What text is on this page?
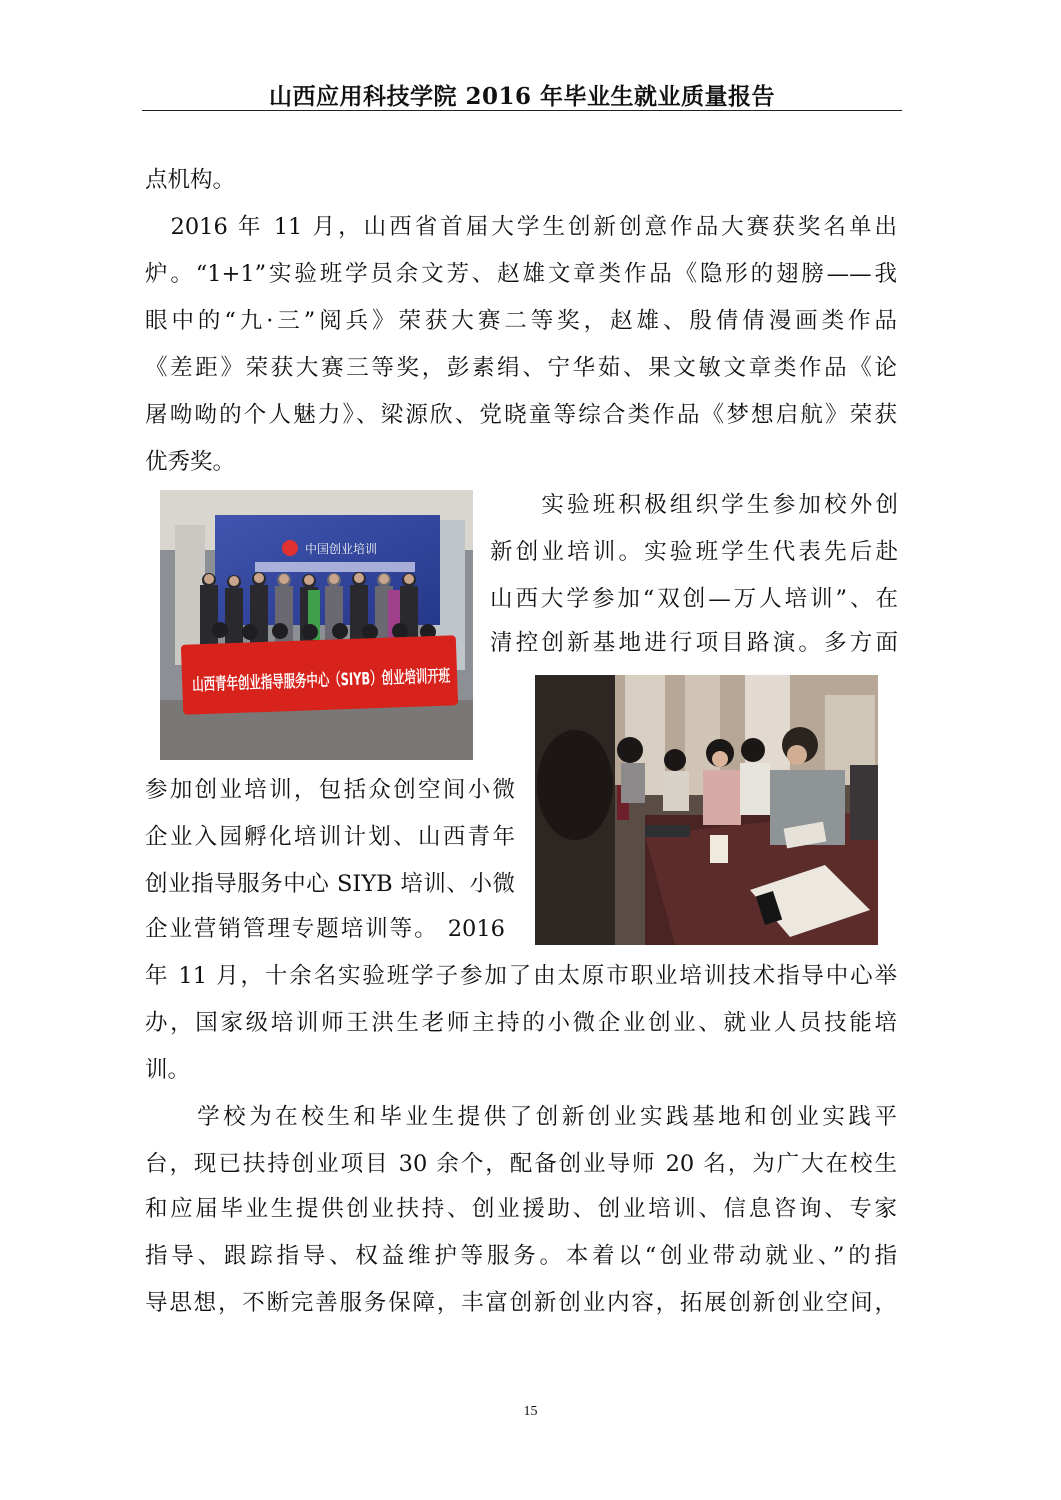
山西应用科技学院 2016 年毕业生就业质量报告
点机构。
　2016 年 11 月，山西省首届大学生创新创意作品大赛获奖名单出
炉。“1+1”实验班学员余文芳、赵雄文章类作品《隐形的翅膀——我
眼中的“九·三”阅兵》荣获大赛二等奖，赵雄、殷倩倩漫画类作品
《差距》荣获大赛三等奖，彭素绢、宁华茹、果文敏文章类作品《论
屠呦呦的个人魅力》、梁源欣、党晓童等综合类作品《梦想启航》荣获
优秀奖。
中国创业培训
山西青年创业指导服务中心（SIYB）创业培训开班
　　实验班积极组织学生参加校外创
新创业培训。实验班学生代表先后赴
山西大学参加“双创—万人培训”、在
清控创新基地进行项目路演。多方面
参加创业培训，包括众创空间小微
企业入园孵化培训计划、山西青年
创业指导服务中心 SIYB 培训、小微
企业营销管理专题培训等。 2016
年 11 月，十余名实验班学子参加了由太原市职业培训技术指导中心举
办，国家级培训师王洪生老师主持的小微企业创业、就业人员技能培
训。
　　学校为在校生和毕业生提供了创新创业实践基地和创业实践平
台，现已扶持创业项目 30 余个，配备创业导师 20 名，为广大在校生
和应届毕业生提供创业扶持、创业援助、创业培训、信息咨询、专家
指导、跟踪指导、权益维护等服务。本着以“创业带动就业、”的指
导思想，不断完善服务保障，丰富创新创业内容，拓展创新创业空间，
15
